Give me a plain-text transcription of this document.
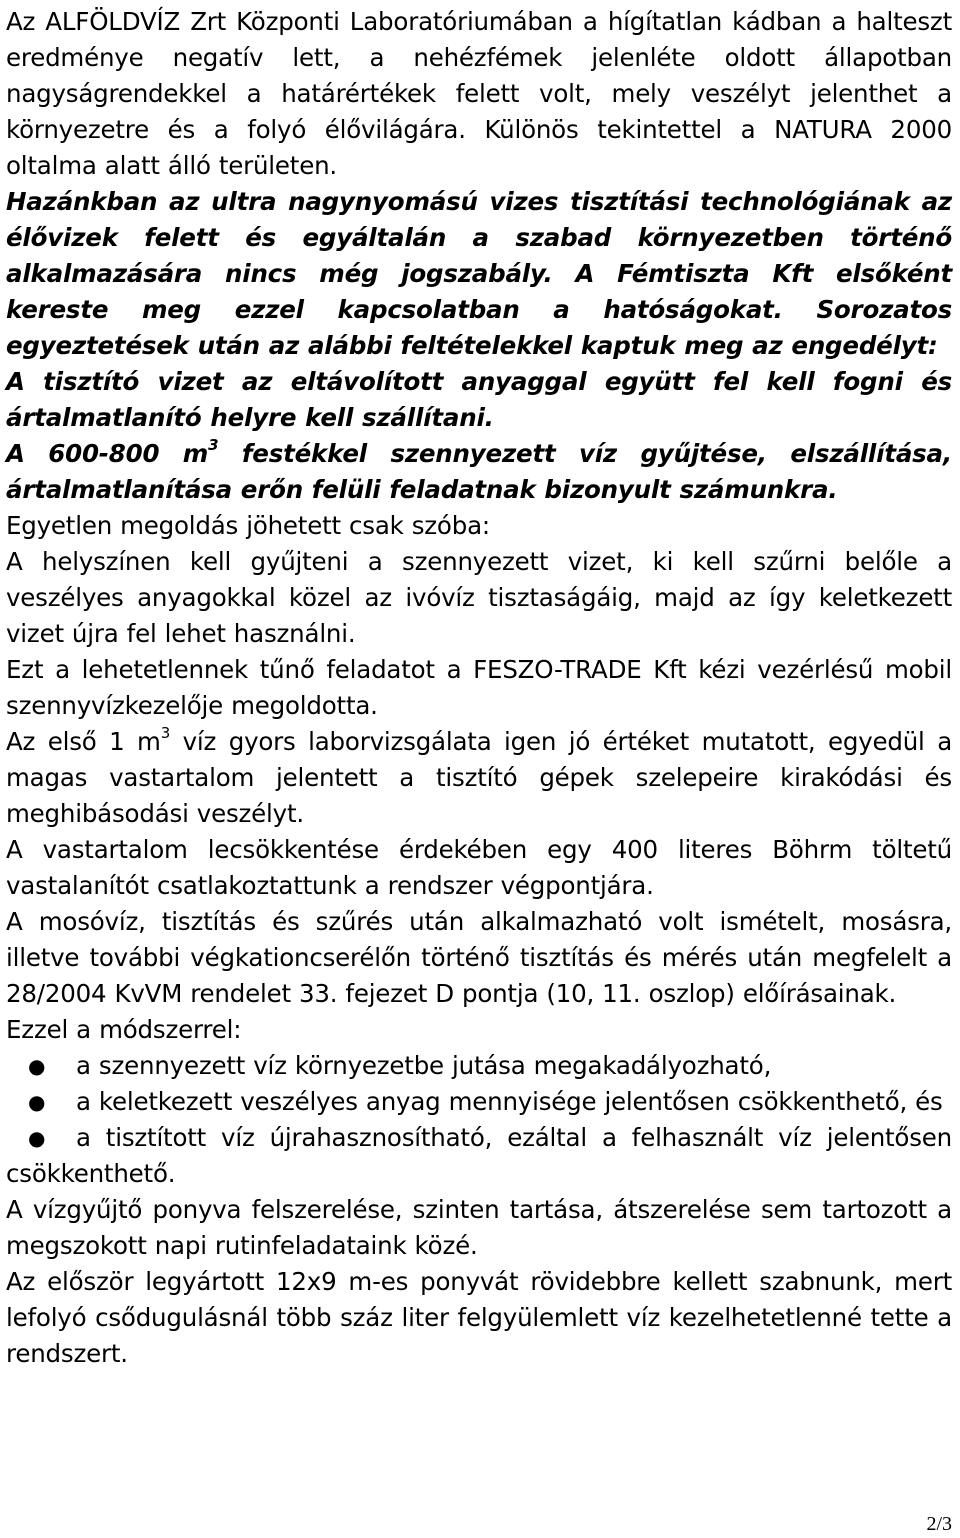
Az ALFÖLDVÍZ Zrt Központi Laboratóriumában a hígítatlan kádban a halteszt eredménye negatív lett, a nehézfémek jelenléte oldott állapotban nagyságrendekkel a határértékek felett volt, mely veszélyt jelenthet a környezetre és a folyó élővilágára. Különös tekintettel a NATURA 2000 oltalma alatt álló területen.

Hazánkban az ultra nagynyomású vizes tisztítási technológiának az élővizek felett és egyáltalán a szabad környezetben történő alkalmazására nincs még jogszabály. A Fémtiszta Kft elsőként kereste meg ezzel kapcsolatban a hatóságokat. Sorozatos egyeztetések után az alábbi feltételekkel kaptuk meg az engedélyt:

A tisztító vizet az eltávolított anyaggal együtt fel kell fogni és ártalmatlanító helyre kell szállítani.

A 600-800 $m^3$ festékkel szennyezett víz gyűjtése, elszállítása, ártalmatlanítása erőn felüli feladatnak bizonyult számunkra.

Egyetlen megoldás jöhetett csak szóba:

A helyszínen kell gyűjteni a szennyezett vizet, ki kell szűrni belőle a veszélyes anyagokkal közel az ivóvíz tisztaságáig, majd az így keletkezett vizet újra fel lehet használni.

Ezt a lehetetlennek tűnő feladatot a FESZO-TRADE Kft kézi vezérlésű mobil szennyvízkezelője megoldotta.

Az első 1 $m^3$ víz gyors laborvizsgálata igen jó értéket mutatott, egyedül a magas vastartalom jelentett a tisztító gépek szelepeire kirakódási és meghibásodási veszélyt.

A vastartalom lecsökkentése érdekében egy 400 literes Böhrm töltetű vastalanítót csatlakoztattunk a rendszer végpontjára.

A mosóvíz, tisztítás és szűrés után alkalmazható volt ismételt, mosásra, illetve további végkationcserélőn történő tisztítás és mérés után megfelelt a 28/2004 KvVM rendelet 33. fejezet D pontja (10, 11. oszlop) előírásainak.

Ezzel a módszerrel:

● a szennyezett víz környezetbe jutása megakadályozható,
● a keletkezett veszélyes anyag mennyisége jelentősen csökkenthető, és
● a tisztított víz újrahasznosítható, ezáltal a felhasznált víz jelentősen csökkenthető.

A vízgyűjtő ponyva felszerelése, szinten tartása, átszerelése sem tartozott a megszokott napi rutinfeladataink közé.

Az először legyártott 12x9 m-es ponyvát rövidebbre kellett szabnunk, mert lefolyó csődugulásnál több száz liter felgyülemlett víz kezelhetetlenné tette a rendszert.

2/3
